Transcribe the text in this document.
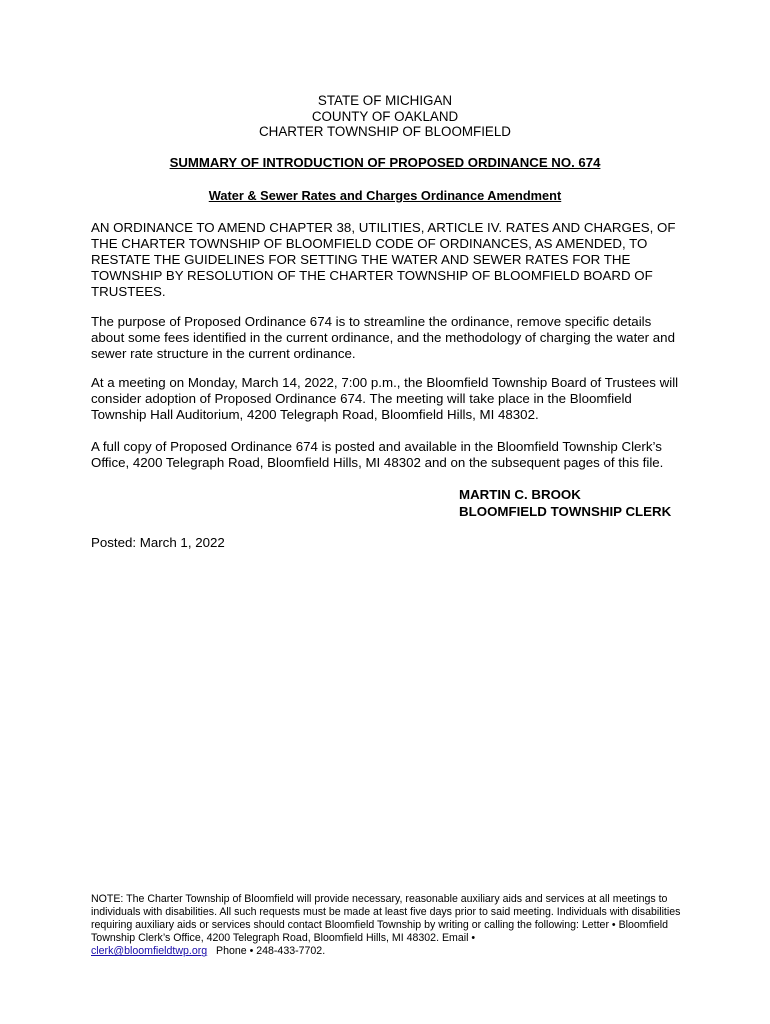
STATE OF MICHIGAN
COUNTY OF OAKLAND
CHARTER TOWNSHIP OF BLOOMFIELD
SUMMARY OF INTRODUCTION OF PROPOSED ORDINANCE NO. 674
Water & Sewer Rates and Charges Ordinance Amendment

AN ORDINANCE TO AMEND CHAPTER 38, UTILITIES, ARTICLE IV. RATES AND CHARGES, OF THE CHARTER TOWNSHIP OF BLOOMFIELD CODE OF ORDINANCES, AS AMENDED, TO RESTATE THE GUIDELINES FOR SETTING THE WATER AND SEWER RATES FOR THE TOWNSHIP BY RESOLUTION OF THE CHARTER TOWNSHIP OF BLOOMFIELD BOARD OF TRUSTEES.

The purpose of Proposed Ordinance 674 is to streamline the ordinance, remove specific details about some fees identified in the current ordinance, and the methodology of charging the water and sewer rate structure in the current ordinance.

At a meeting on Monday, March 14, 2022, 7:00 p.m., the Bloomfield Township Board of Trustees will consider adoption of Proposed Ordinance 674. The meeting will take place in the Bloomfield Township Hall Auditorium, 4200 Telegraph Road, Bloomfield Hills, MI 48302.

A full copy of Proposed Ordinance 674 is posted and available in the Bloomfield Township Clerk’s Office, 4200 Telegraph Road, Bloomfield Hills, MI 48302 and on the subsequent pages of this file.

MARTIN C. BROOK
BLOOMFIELD TOWNSHIP CLERK
Posted: March 1, 2022

NOTE: The Charter Township of Bloomfield will provide necessary, reasonable auxiliary aids and services at all meetings to individuals with disabilities. All such requests must be made at least five days prior to said meeting. Individuals with disabilities requiring auxiliary aids or services should contact Bloomfield Township by writing or calling the following: Letter • Bloomfield Township Clerk’s Office, 4200 Telegraph Road, Bloomfield Hills, MI 48302. Email •
clerk@bloomfieldtwp.org Phone • 248-433-7702.
